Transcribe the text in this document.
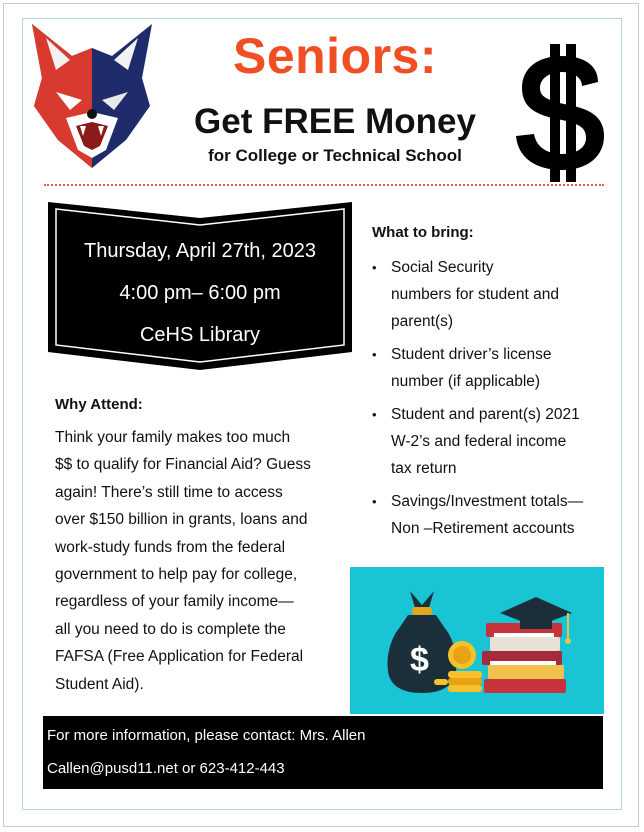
Seniors:
Get FREE Money
for College or Technical School
Thursday, April 27th, 2023
4:00 pm– 6:00 pm
CeHS Library
What to bring:
• Social Security
numbers for student and
parent(s)
• Student driver’s license
number (if applicable)
• Student and parent(s) 2021
W-2’s and federal income
tax return
• Savings/Investment totals—
Non –Retirement accounts
Why Attend:
Think your family makes too much
$$ to qualify for Financial Aid? Guess
again! There’s still time to access
over $150 billion in grants, loans and
work-study funds from the federal
government to help pay for college,
regardless of your family income—
all you need to do is complete the
FAFSA (Free Application for Federal
Student Aid).
$
For more information, please contact: Mrs. Allen
Callen@pusd11.net or 623-412-443
